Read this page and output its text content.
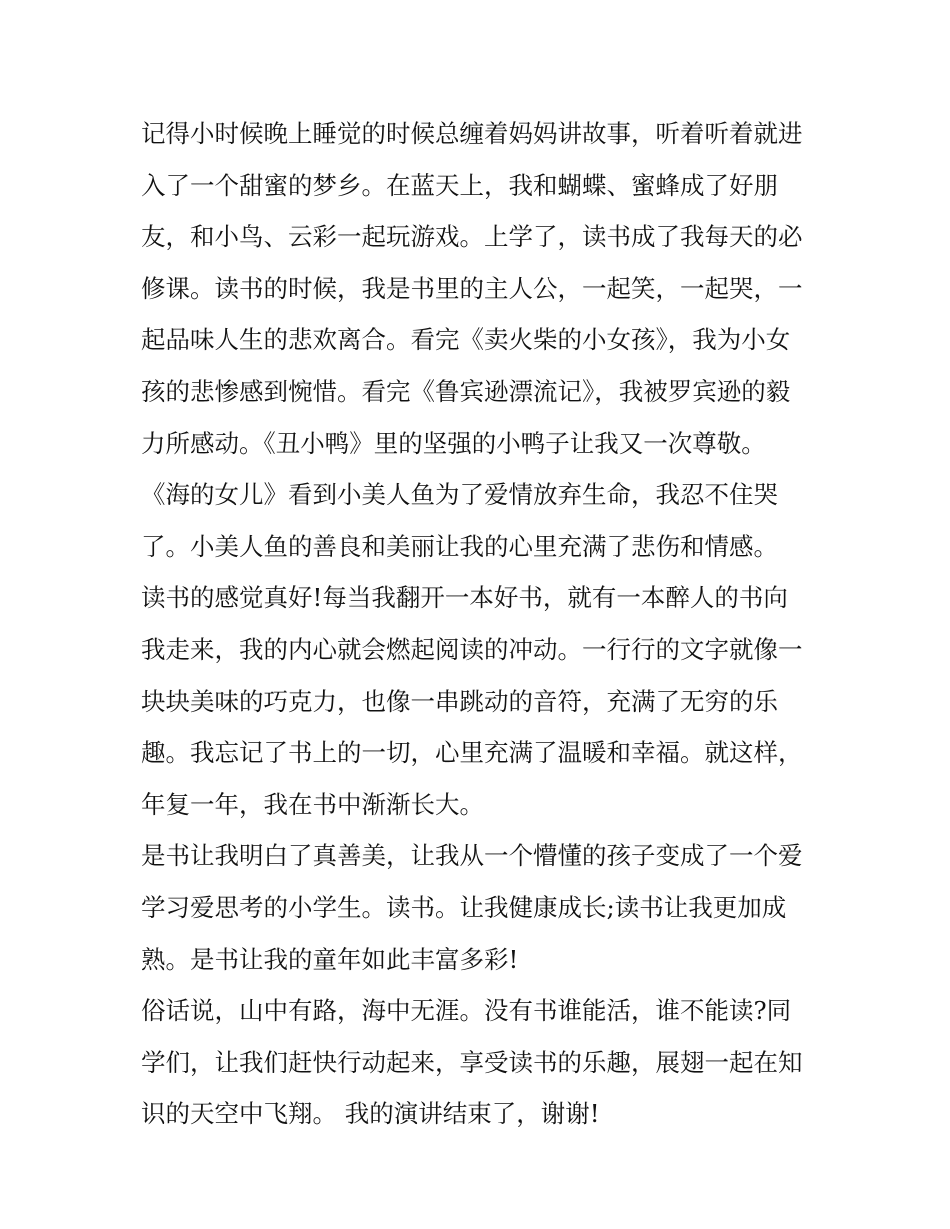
记得小时候晚上睡觉的时候总缠着妈妈讲故事，听着听着就进
入了一个甜蜜的梦乡。在蓝天上，我和蝴蝶、蜜蜂成了好朋
友，和小鸟、云彩一起玩游戏。上学了，读书成了我每天的必
修课。读书的时候，我是书里的主人公，一起笑，一起哭，一
起品味人生的悲欢离合。看完《卖火柴的小女孩》，我为小女
孩的悲惨感到惋惜。看完《鲁宾逊漂流记》，我被罗宾逊的毅
力所感动。《丑小鸭》里的坚强的小鸭子让我又一次尊敬。
《海的女儿》看到小美人鱼为了爱情放弃生命，我忍不住哭
了。小美人鱼的善良和美丽让我的心里充满了悲伤和情感。
读书的感觉真好!每当我翻开一本好书，就有一本醉人的书向
我走来，我的内心就会燃起阅读的冲动。一行行的文字就像一
块块美味的巧克力，也像一串跳动的音符，充满了无穷的乐
趣。我忘记了书上的一切，心里充满了温暖和幸福。就这样，
年复一年，我在书中渐渐长大。
是书让我明白了真善美，让我从一个懵懂的孩子变成了一个爱
学习爱思考的小学生。读书。让我健康成长;读书让我更加成
熟。是书让我的童年如此丰富多彩!
俗话说，山中有路，海中无涯。没有书谁能活，谁不能读?同
学们，让我们赶快行动起来，享受读书的乐趣，展翅一起在知
识的天空中飞翔。 我的演讲结束了，谢谢!
